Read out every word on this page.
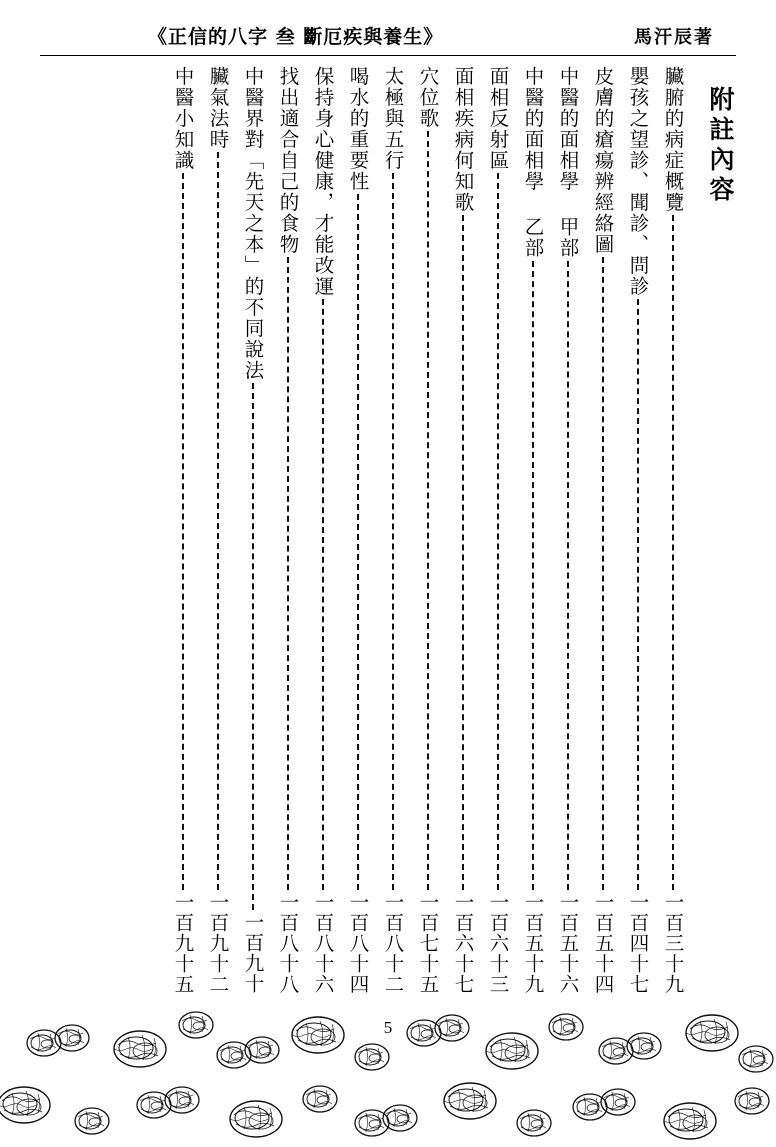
《正信的八字 叁 斷厄疾與養生》	馬汗辰著
附註內容
臟腑的病症概覽
一百三十九
嬰孩之望診、聞診、問診
一百四十七
皮膚的瘡瘍辨經絡圖
一百五十四
中醫的面相學 甲部
一百五十六
中醫的面相學 乙部
一百五十九
面相反射區
一百六十三
面相疾病何知歌
一百六十七
穴位歌
一百七十五
太極與五行
一百八十二
喝水的重要性
一百八十四
保持身心健康，才能改運
一百八十六
找出適合自己的食物
一百八十八
中醫界對「先天之本」的不同說法
一百九十
臟氣法時
一百九十二
中醫小知識
一百九十五
5
